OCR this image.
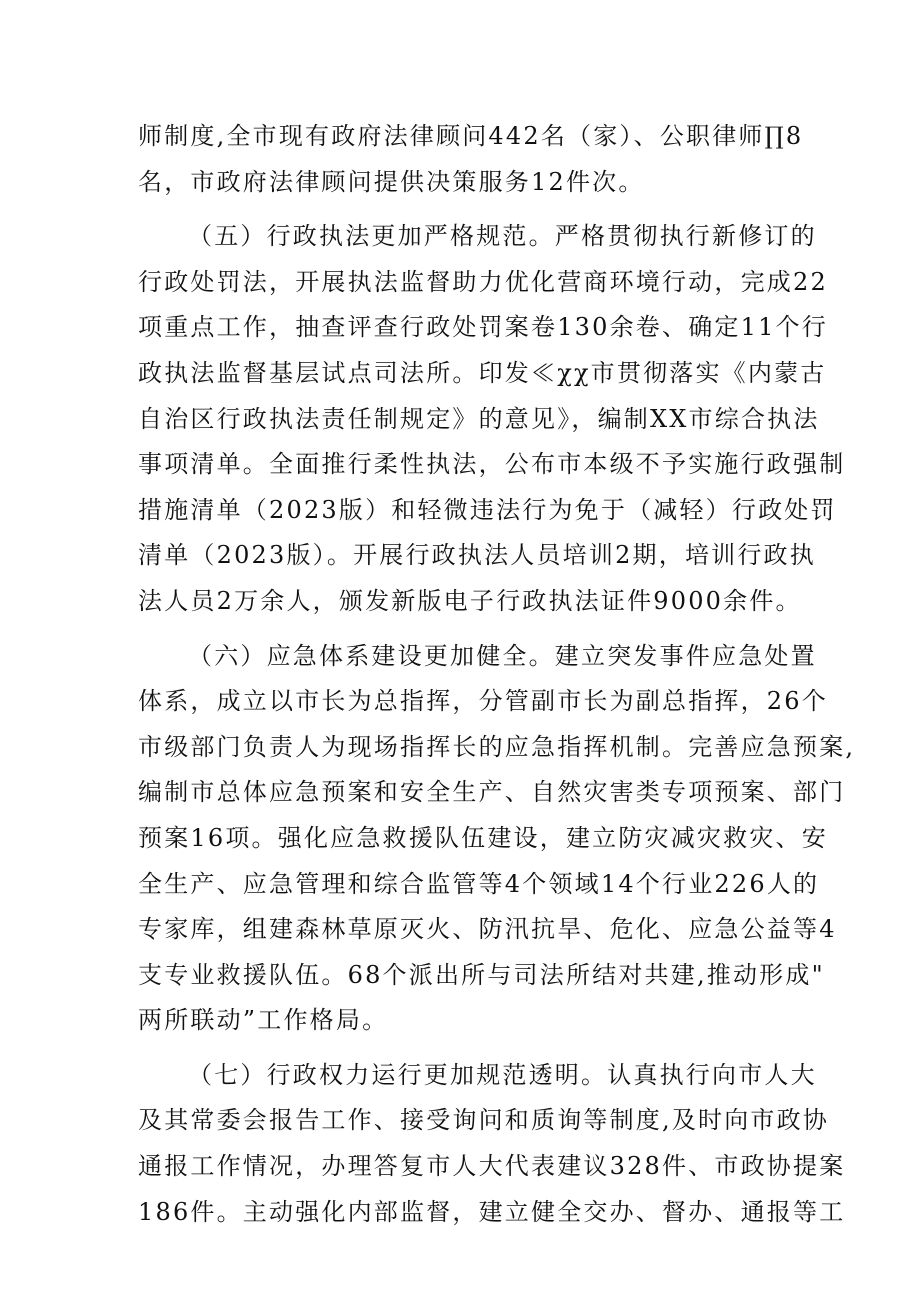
师制度,全市现有政府法律顾问442名（家）、公职律师∏8
名，市政府法律顾问提供决策服务12件次。
（五）行政执法更加严格规范。严格贯彻执行新修订的
行政处罚法，开展执法监督助力优化营商环境行动，完成22
项重点工作，抽查评查行政处罚案卷130余卷、确定11个行
政执法监督基层试点司法所。印发≪χχ市贯彻落实《内蒙古
自治区行政执法责任制规定》的意见》，编制XX市综合执法
事项清单。全面推行柔性执法，公布市本级不予实施行政强制
措施清单（2023版）和轻微违法行为免于（减轻）行政处罚
清单（2023版）。开展行政执法人员培训2期，培训行政执
法人员2万余人，颁发新版电子行政执法证件9000余件。
（六）应急体系建设更加健全。建立突发事件应急处置
体系，成立以市长为总指挥，分管副市长为副总指挥，26个
市级部门负责人为现场指挥长的应急指挥机制。完善应急预案,
编制市总体应急预案和安全生产、自然灾害类专项预案、部门
预案16项。强化应急救援队伍建设，建立防灾减灾救灾、安
全生产、应急管理和综合监管等4个领域14个行业226人的
专家库，组建森林草原灭火、防汛抗旱、危化、应急公益等4
支专业救援队伍。68个派出所与司法所结对共建,推动形成"
两所联动”工作格局。
（七）行政权力运行更加规范透明。认真执行向市人大
及其常委会报告工作、接受询问和质询等制度,及时向市政协
通报工作情况，办理答复市人大代表建议328件、市政协提案
186件。主动强化内部监督，建立健全交办、督办、通报等工
